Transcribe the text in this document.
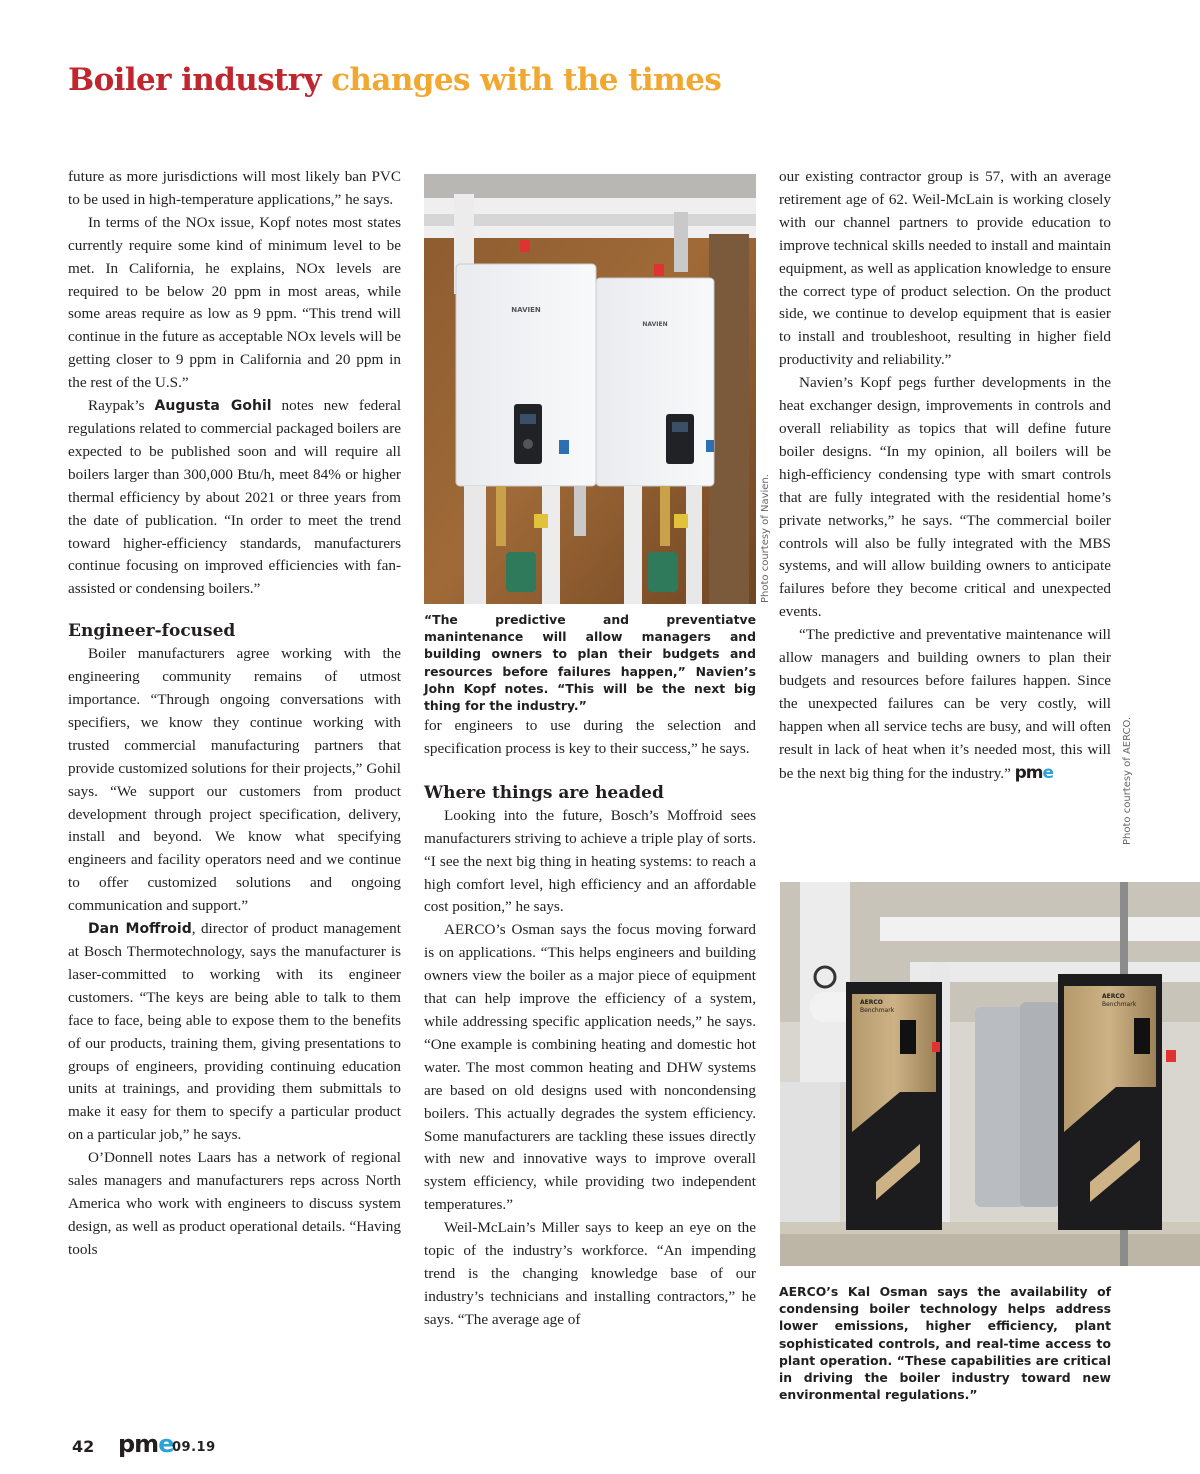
Boiler industry changes with the times

future as more jurisdictions will most likely ban PVC to be used in high-temperature applications,” he says.

In terms of the NOx issue, Kopf notes most states currently require some kind of minimum level to be met. In California, he explains, NOx levels are required to be below 20 ppm in most areas, while some areas require as low as 9 ppm. “This trend will continue in the future as acceptable NOx levels will be getting closer to 9 ppm in California and 20 ppm in the rest of the U.S.”

Raypak’s Augusta Gohil notes new federal regulations related to commercial packaged boilers are expected to be published soon and will require all boilers larger than 300,000 Btu/h, meet 84% or higher thermal efficiency by about 2021 or three years from the date of publication. “In order to meet the trend toward higher-efficiency standards, manufacturers continue focusing on improved efficiencies with fan-assisted or condensing boilers.”

Engineer-focused

Boiler manufacturers agree working with the engineering community remains of utmost importance. “Through ongoing conversations with specifiers, we know they continue working with trusted commercial manufacturing partners that provide customized solutions for their projects,” Gohil says. “We support our customers from product development through project specification, delivery, install and beyond. We know what specifying engineers and facility operators need and we continue to offer customized solutions and ongoing communication and support.”

Dan Moffroid, director of product management at Bosch Thermotechnology, says the manufacturer is laser-committed to working with its engineer customers. “The keys are being able to talk to them face to face, being able to expose them to the benefits of our products, training them, giving presentations to groups of engineers, providing continuing education units at trainings, and providing them submittals to make it easy for them to specify a particular product on a particular job,” he says.

O’Donnell notes Laars has a network of regional sales managers and manufacturers reps across North America who work with engineers to discuss system design, as well as product operational details. “Having tools

NAVIEN
NAVIEN
Photo courtesy of Navien.
“The predictive and preventiatve manintenance will allow managers and building owners to plan their budgets and resources before failures happen,” Navien’s John Kopf notes. “This will be the next big thing for the industry.”

for engineers to use during the selection and specification process is key to their success,” he says.

Where things are headed

Looking into the future, Bosch’s Moffroid sees manufacturers striving to achieve a triple play of sorts. “I see the next big thing in heating systems: to reach a high comfort level, high efficiency and an affordable cost position,” he says.

AERCO’s Osman says the focus moving forward is on applications. “This helps engineers and building owners view the boiler as a major piece of equipment that can help improve the efficiency of a system, while addressing specific application needs,” he says. “One example is combining heating and domestic hot water. The most common heating and DHW systems are based on old designs used with noncondensing boilers. This actually degrades the system efficiency. Some manufacturers are tackling these issues directly with new and innovative ways to improve overall system efficiency, while providing two independent temperatures.”

Weil-McLain’s Miller says to keep an eye on the topic of the industry’s workforce. “An impending trend is the changing knowledge base of our industry’s technicians and installing contractors,” he says. “The average age of

our existing contractor group is 57, with an average retirement age of 62. Weil-McLain is working closely with our channel partners to provide education to improve technical skills needed to install and maintain equipment, as well as application knowledge to ensure the correct type of product selection. On the product side, we continue to develop equipment that is easier to install and troubleshoot, resulting in higher field productivity and reliability.”

Navien’s Kopf pegs further developments in the heat exchanger design, improvements in controls and overall reliability as topics that will define future boiler designs. “In my opinion, all boilers will be high-efficiency condensing type with smart controls that are fully integrated with the residential home’s private networks,” he says. “The commercial boiler controls will also be fully integrated with the MBS systems, and will allow building owners to anticipate failures before they become critical and unexpected events.

“The predictive and preventative maintenance will allow managers and building owners to plan their budgets and resources before failures happen. Since the unexpected failures can be very costly, will happen when all service techs are busy, and will often result in lack of heat when it’s needed most, this will be the next big thing for the industry.” pme	Photo courtesy of AERCO.
AERCO
Benchmark
AERCO
Benchmark
AERCO’s Kal Osman says the availability of condensing boiler technology helps address lower emissions, higher efficiency, plant sophisticated controls, and real-time access to plant operation. “These capabilities are critical in driving the boiler industry toward new environmental regulations.”
42 pme
09.19
